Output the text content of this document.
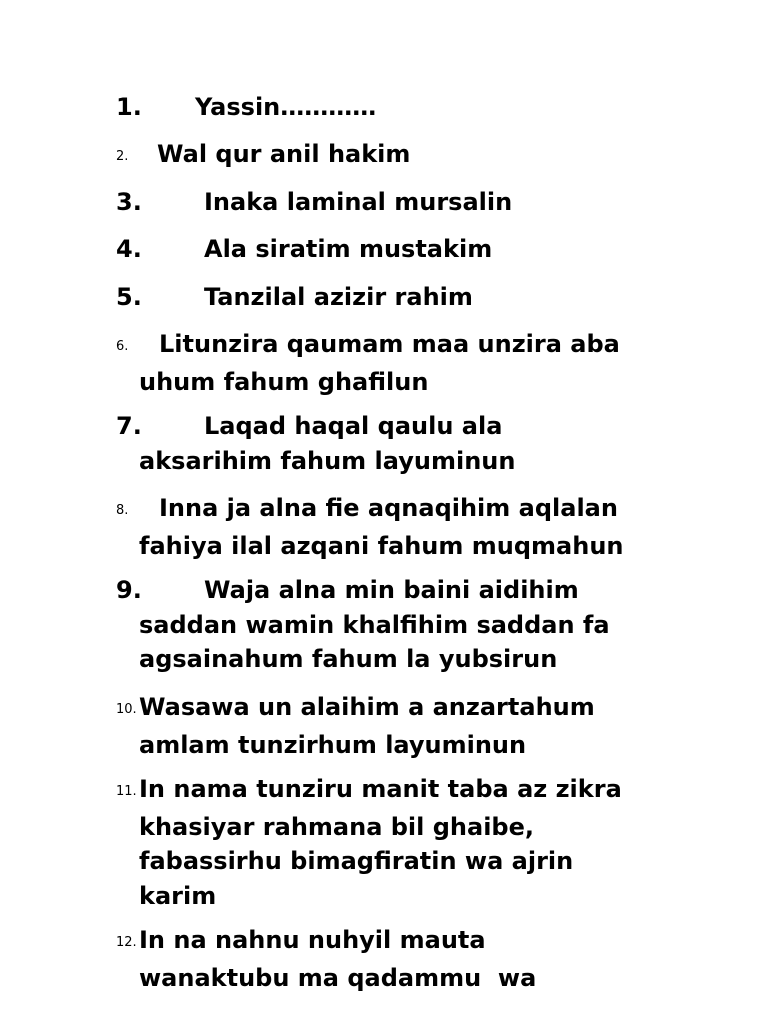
1. Yassin…………
2. Wal qur anil hakim
3.	Inaka laminal mursalin
4.	Ala siratim mustakim
5.	Tanzilal azizir rahim
6. Litunzira qaumam maa unzira aba
uhum fahum ghafilun
7.	Laqad haqal qaulu ala
aksarihim fahum layuminun
8. Inna ja alna fie aqnaqihim aqlalan
fahiya ilal azqani fahum muqmahun
9.	Waja alna min baini aidihim
saddan wamin khalfihim saddan fa
agsainahum fahum la yubsirun
10.Wasawa un alaihim a anzartahum
amlam tunzirhum layuminun
11.In nama tunziru manit taba az zikra
khasiyar rahmana bil ghaibe,
fabassirhu bimagfiratin wa ajrin
karim
12.In na nahnu nuhyil mauta
wanaktubu ma qadammu  wa
